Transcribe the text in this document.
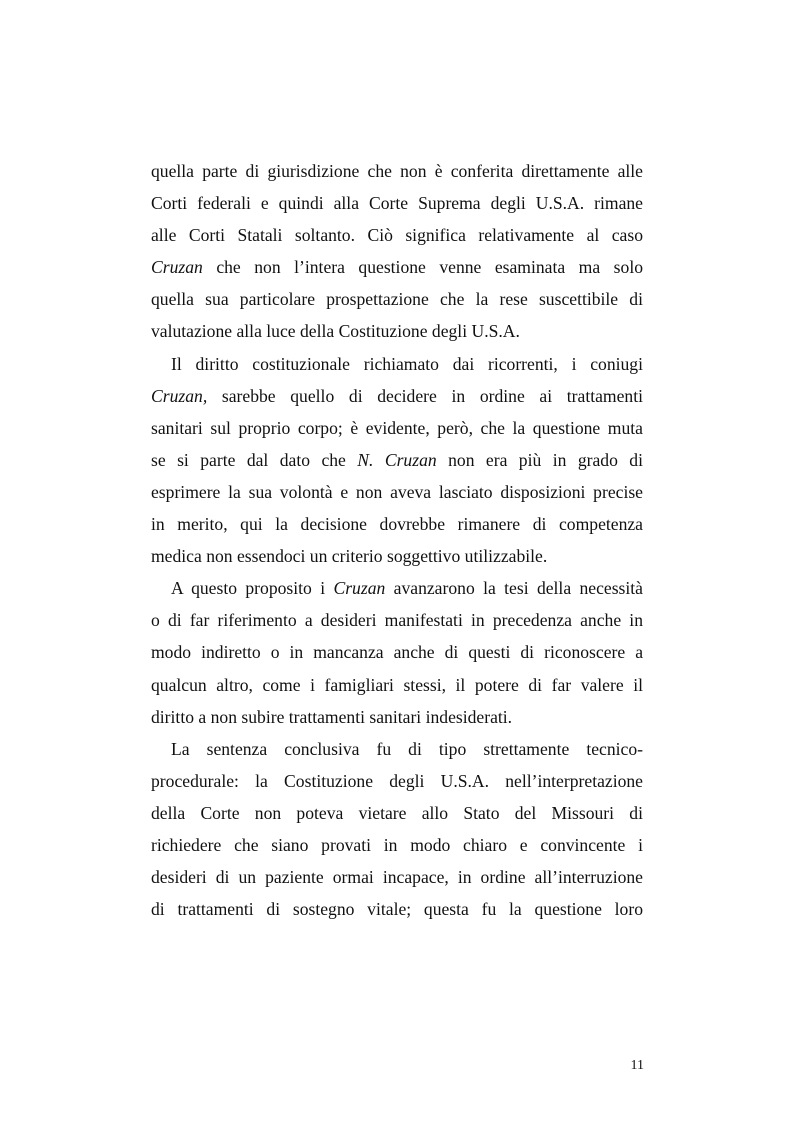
quella parte di giurisdizione che non è conferita direttamente alle
Corti federali e quindi alla Corte Suprema degli U.S.A. rimane
alle Corti Statali soltanto. Ciò significa relativamente al caso
Cruzan che non l’intera questione venne esaminata ma solo
quella sua particolare prospettazione che la rese suscettibile di
valutazione alla luce della Costituzione degli U.S.A.
Il diritto costituzionale richiamato dai ricorrenti, i coniugi
Cruzan, sarebbe quello di decidere in ordine ai trattamenti
sanitari sul proprio corpo; è evidente, però, che la questione muta
se si parte dal dato che N. Cruzan non era più in grado di
esprimere la sua volontà e non aveva lasciato disposizioni precise
in merito, qui la decisione dovrebbe rimanere di competenza
medica non essendoci un criterio soggettivo utilizzabile.
A questo proposito i Cruzan avanzarono la tesi della necessità
o di far riferimento a desideri manifestati in precedenza anche in
modo indiretto o in mancanza anche di questi di riconoscere a
qualcun altro, come i famigliari stessi, il potere di far valere il
diritto a non subire trattamenti sanitari indesiderati.
La sentenza conclusiva fu di tipo strettamente tecnico-
procedurale: la Costituzione degli U.S.A. nell’interpretazione
della Corte non poteva vietare allo Stato del Missouri di
richiedere che siano provati in modo chiaro e convincente i
desideri di un paziente ormai incapace, in ordine all’interruzione
di trattamenti di sostegno vitale; questa fu la questione loro
11
